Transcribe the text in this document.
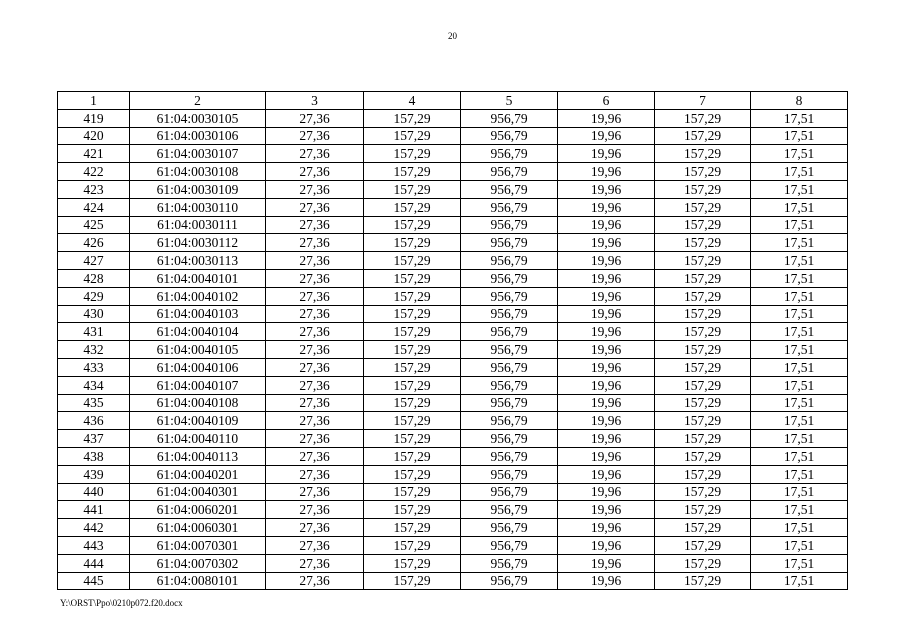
20
1	2	3	4	5	6	7	8
419	61:04:0030105	27,36	157,29	956,79	19,96	157,29	17,51
420	61:04:0030106	27,36	157,29	956,79	19,96	157,29	17,51
421	61:04:0030107	27,36	157,29	956,79	19,96	157,29	17,51
422	61:04:0030108	27,36	157,29	956,79	19,96	157,29	17,51
423	61:04:0030109	27,36	157,29	956,79	19,96	157,29	17,51
424	61:04:0030110	27,36	157,29	956,79	19,96	157,29	17,51
425	61:04:0030111	27,36	157,29	956,79	19,96	157,29	17,51
426	61:04:0030112	27,36	157,29	956,79	19,96	157,29	17,51
427	61:04:0030113	27,36	157,29	956,79	19,96	157,29	17,51
428	61:04:0040101	27,36	157,29	956,79	19,96	157,29	17,51
429	61:04:0040102	27,36	157,29	956,79	19,96	157,29	17,51
430	61:04:0040103	27,36	157,29	956,79	19,96	157,29	17,51
431	61:04:0040104	27,36	157,29	956,79	19,96	157,29	17,51
432	61:04:0040105	27,36	157,29	956,79	19,96	157,29	17,51
433	61:04:0040106	27,36	157,29	956,79	19,96	157,29	17,51
434	61:04:0040107	27,36	157,29	956,79	19,96	157,29	17,51
435	61:04:0040108	27,36	157,29	956,79	19,96	157,29	17,51
436	61:04:0040109	27,36	157,29	956,79	19,96	157,29	17,51
437	61:04:0040110	27,36	157,29	956,79	19,96	157,29	17,51
438	61:04:0040113	27,36	157,29	956,79	19,96	157,29	17,51
439	61:04:0040201	27,36	157,29	956,79	19,96	157,29	17,51
440	61:04:0040301	27,36	157,29	956,79	19,96	157,29	17,51
441	61:04:0060201	27,36	157,29	956,79	19,96	157,29	17,51
442	61:04:0060301	27,36	157,29	956,79	19,96	157,29	17,51
443	61:04:0070301	27,36	157,29	956,79	19,96	157,29	17,51
444	61:04:0070302	27,36	157,29	956,79	19,96	157,29	17,51
445	61:04:0080101	27,36	157,29	956,79	19,96	157,29	17,51
Y:\ORST\Ppo\0210p072.f20.docx
